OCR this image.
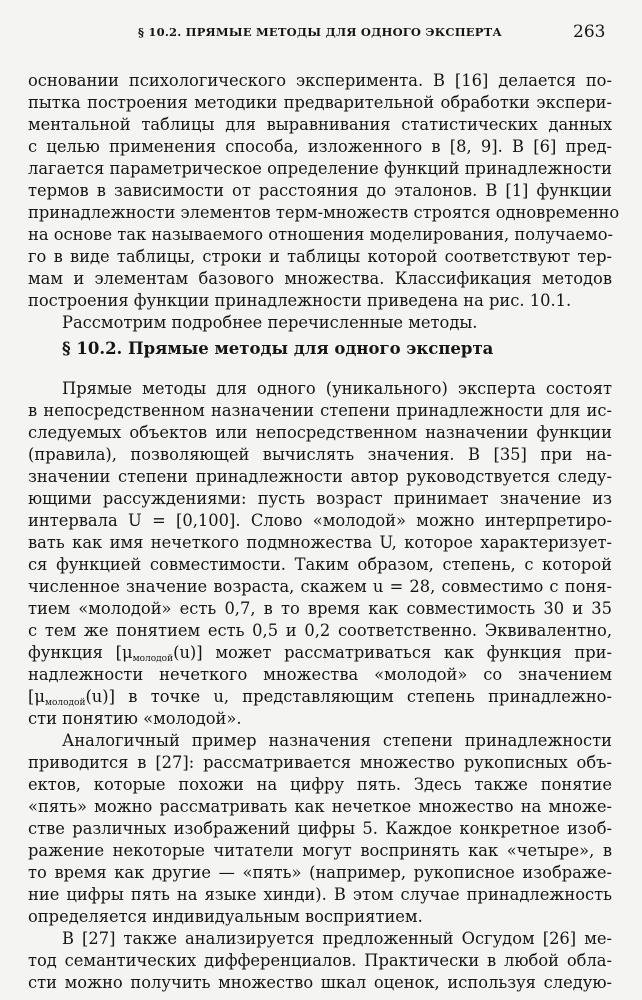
§ 10.2. ПРЯМЫЕ МЕТОДЫ ДЛЯ ОДНОГО ЭКСПЕРТА	263
основании психологического эксперимента. В [16] делается по-
пытка построения методики предварительной обработки экспери-
ментальной таблицы для выравнивания статистических данных
с целью применения способа, изложенного в [8, 9]. В [6] пред-
лагается параметрическое определение функций принадлежности
термов в зависимости от расстояния до эталонов. В [1] функции
принадлежности элементов терм-множеств строятся одновременно
на основе так называемого отношения моделирования, получаемо-
го в виде таблицы, строки и таблицы которой соответствуют тер-
мам и элементам базового множества. Классификация методов
построения функции принадлежности приведена на рис. 10.1.
Рассмотрим подробнее перечисленные методы.
§ 10.2. Прямые методы для одного эксперта
Прямые методы для одного (уникального) эксперта состоят
в непосредственном назначении степени принадлежности для ис-
следуемых объектов или непосредственном назначении функции
(правила), позволяющей вычислять значения. В [35] при на-
значении степени принадлежности автор руководствуется следу-
ющими рассуждениями: пусть возраст принимает значение из
интервала U = [0,100]. Слово «молодой» можно интерпретиро-
вать как имя нечеткого подмножества U, которое характеризует-
ся функцией совместимости. Таким образом, степень, с которой
численное значение возраста, скажем u = 28, совместимо с поня-
тием «молодой» есть 0,7, в то время как совместимость 30 и 35
с тем же понятием есть 0,5 и 0,2 соответственно. Эквивалентно,
функция [μмолодой(u)] может рассматриваться как функция при-
надлежности нечеткого множества «молодой» со значением
[μмолодой(u)] в точке u, представляющим степень принадлежно-
сти понятию «молодой».
Аналогичный пример назначения степени принадлежности
приводится в [27]: рассматривается множество рукописных объ-
ектов, которые похожи на цифру пять. Здесь также понятие
«пять» можно рассматривать как нечеткое множество на множе-
стве различных изображений цифры 5. Каждое конкретное изоб-
ражение некоторые читатели могут воспринять как «четыре», в
то время как другие — «пять» (например, рукописное изображе-
ние цифры пять на языке хинди). В этом случае принадлежность
определяется индивидуальным восприятием.
В [27] также анализируется предложенный Осгудом [26] ме-
тод семантических дифференциалов. Практически в любой обла-
сти можно получить множество шкал оценок, используя следую-
